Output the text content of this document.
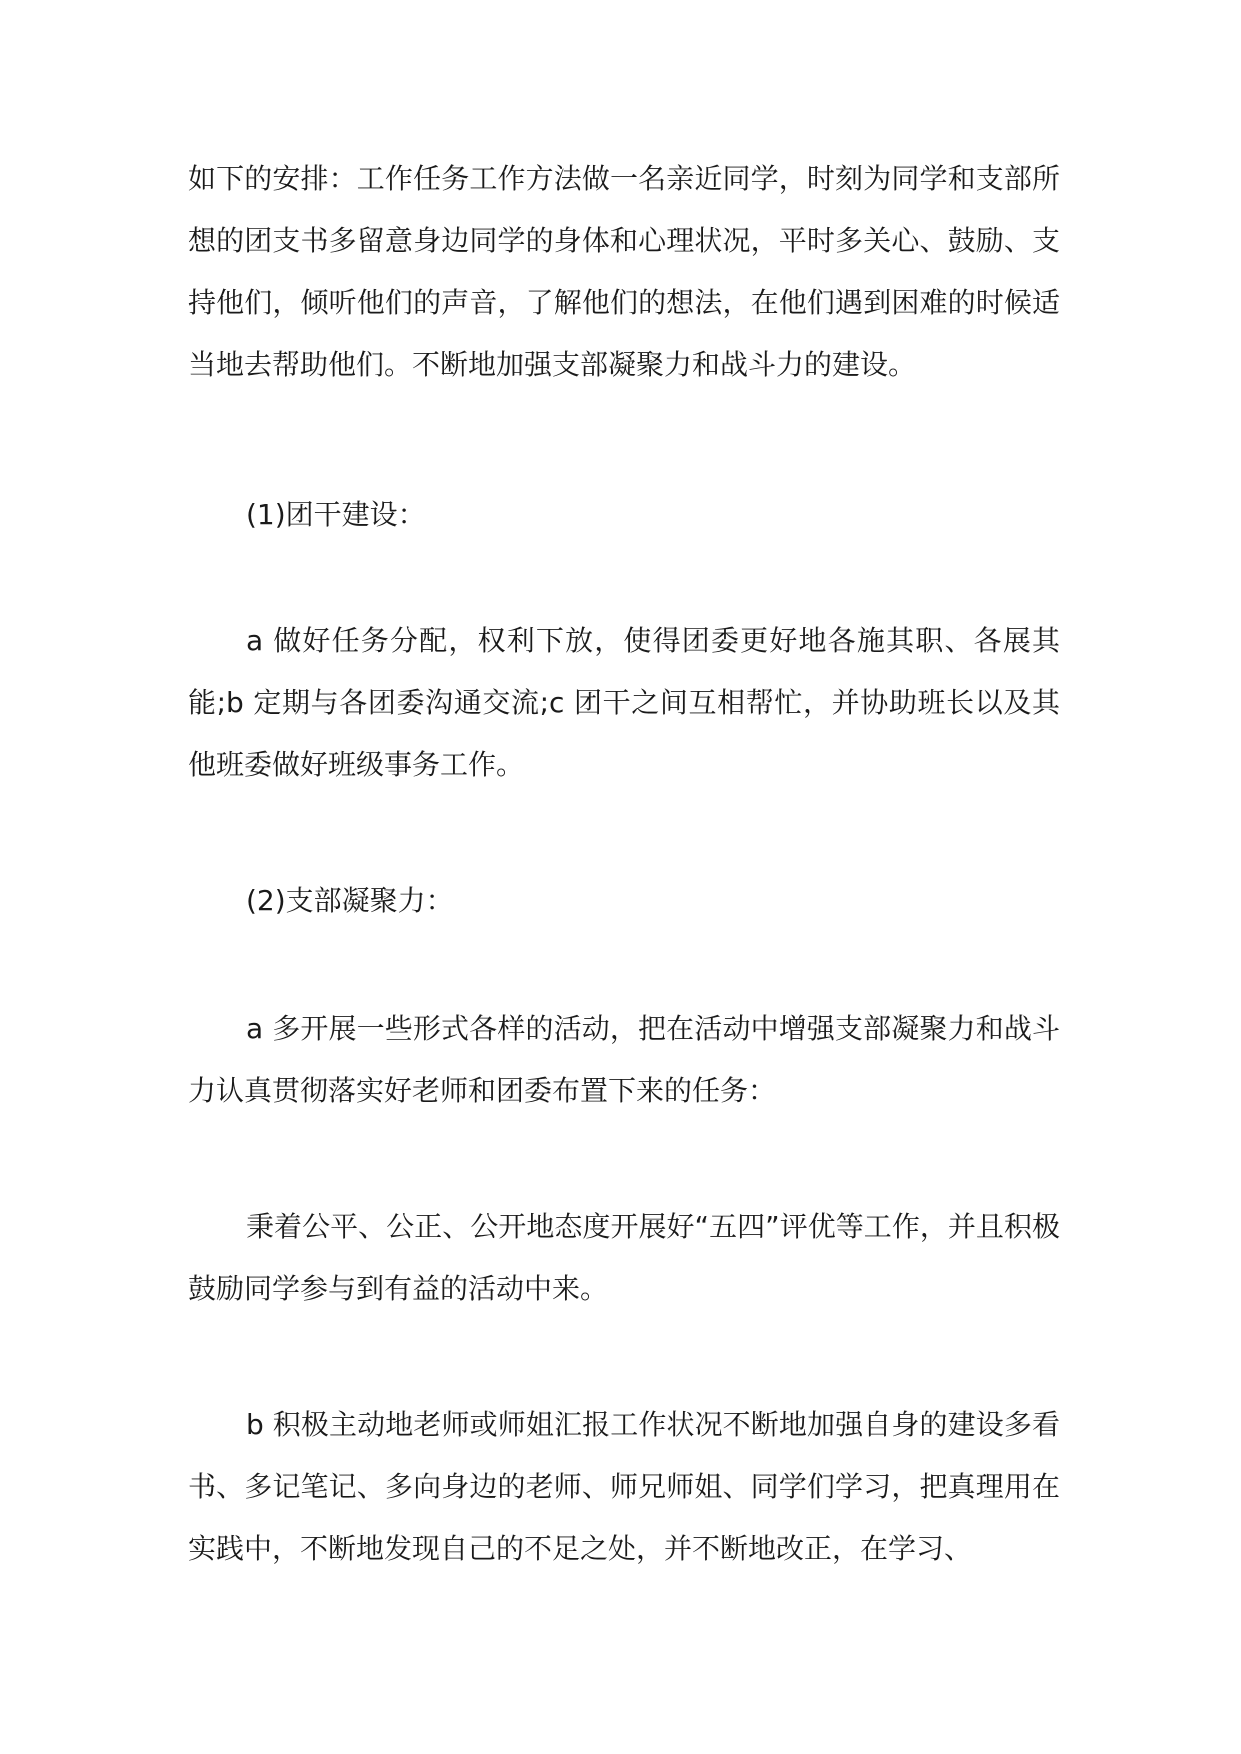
如下的安排：工作任务工作方法做一名亲近同学，时刻为同学和支部所想的团支书多留意身边同学的身体和心理状况，平时多关心、鼓励、支持他们，倾听他们的声音，了解他们的想法，在他们遇到困难的时候适当地去帮助他们。不断地加强支部凝聚力和战斗力的建设。

(1)团干建设：

a 做好任务分配，权利下放，使得团委更好地各施其职、各展其能;b 定期与各团委沟通交流;c 团干之间互相帮忙，并协助班长以及其他班委做好班级事务工作。

(2)支部凝聚力：

a 多开展一些形式各样的活动，把在活动中增强支部凝聚力和战斗力认真贯彻落实好老师和团委布置下来的任务：

秉着公平、公正、公开地态度开展好“五四”评优等工作，并且积极鼓励同学参与到有益的活动中来。

b 积极主动地老师或师姐汇报工作状况不断地加强自身的建设多看书、多记笔记、多向身边的老师、师兄师姐、同学们学习，把真理用在实践中，不断地发现自己的不足之处，并不断地改正，在学习、
